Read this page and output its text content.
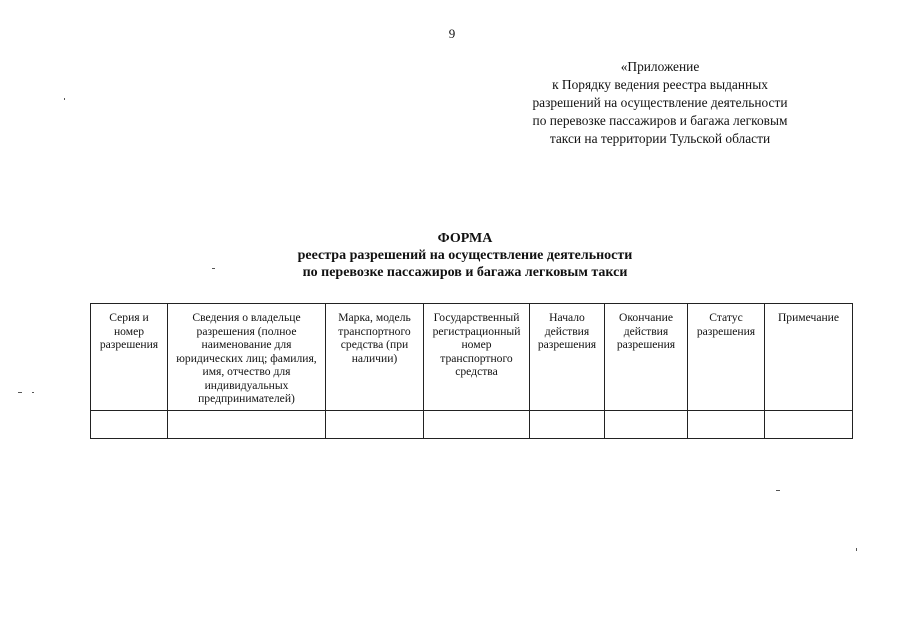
9
«Приложение
к Порядку ведения реестра выданных
разрешений на осуществление деятельности
по перевозке пассажиров и багажа легковым
такси на территории Тульской области
ФОРМА
реестра разрешений на осуществление деятельности
по перевозке пассажиров и багажа легковым такси
Серия и номер разрешения	Сведения о владельце разрешения (полное наименование для юридических лиц; фамилия, имя, отчество для индивидуальных предпринимателей)	Марка, модель транспортного средства (при наличии)	Государственный регистрационный номер транспортного средства	Начало действия разрешения	Окончание действия разрешения	Статус разрешения	Примечание
